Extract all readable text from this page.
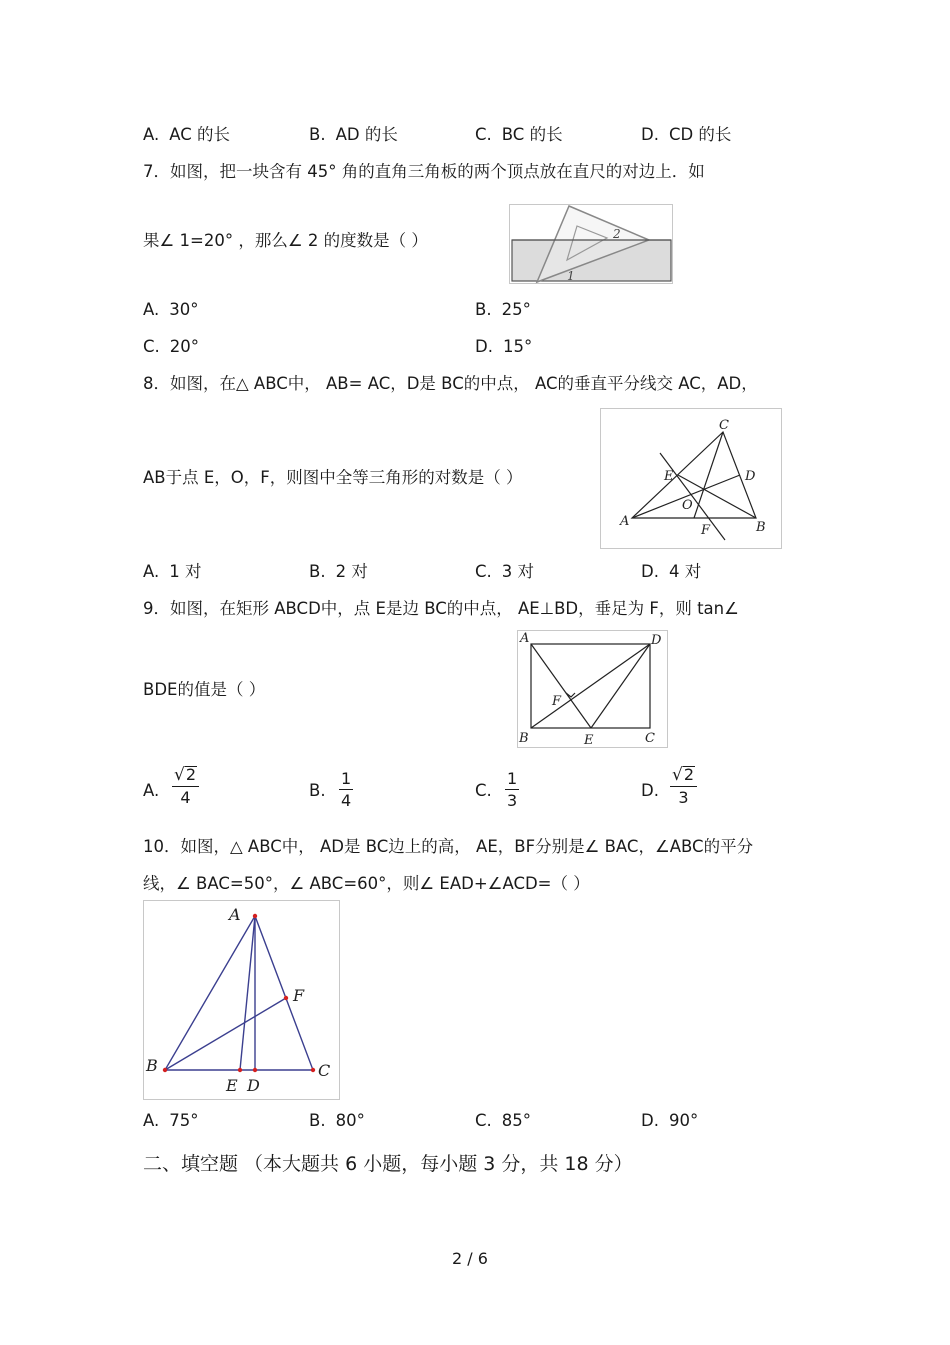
A. AC 的长	B. AD 的长	C. BC 的长	D. CD 的长
7．如图，把一块含有 45° 角的直角三角板的两个顶点放在直尺的对边上．如
果∠ 1=20° ，那么∠ 2 的度数是（ ）	2
1
A. 30°	B. 25°
C. 20°	D. 15°
8．如图，在△ ABC中， AB= AC，D是 BC的中点， AC的垂直平分线交 AC，AD，
AB于点 E，O，F，则图中全等三角形的对数是（ ）
C
E	D
O
A	B
F
A. 1 对	B. 2 对	C. 3 对	D. 4 对
9．如图，在矩形 ABCD中，点 E是边 BC的中点， AE⊥BD，垂足为 F，则 tan∠
BDE的值是（ ）
A	D
F
B	E	C
A. $\frac{√ 2}{4}$	B. $\frac{1}{4}$	C. $\frac{1}{3}$	D. $\frac{√ 2}{3}$
10．如图，△ ABC中， AD是 BC边上的高， AE，BF分别是∠ BAC，∠ABC的平分
线，∠ BAC=50°，∠ ABC=60°，则∠ EAD+∠ACD=（ ）
A
F
B	C
E D
A. 75°	B. 80°	C. 85°	D. 90°
二、填空题 （本大题共 6 小题，每小题 3 分，共 18 分）
2 / 6
